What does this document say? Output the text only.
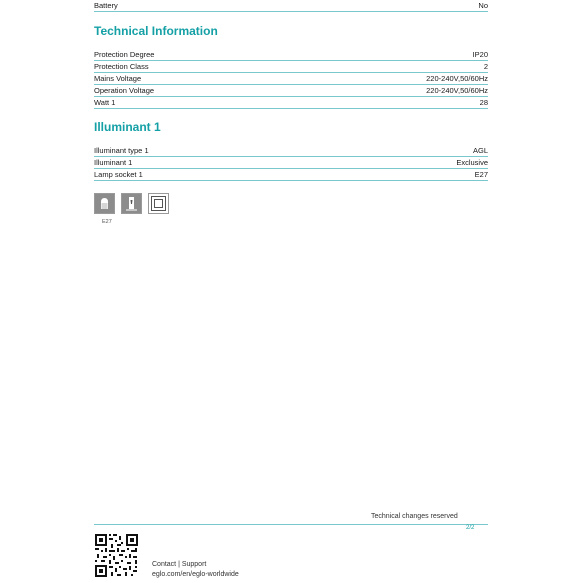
Battery	No
Technical Information
Protection Degree	IP20
Protection Class	2
Mains Voltage	220-240V,50/60Hz
Operation Voltage	220-240V,50/60Hz
Watt 1	28
Illuminant 1
Illuminant type 1	AGL
Illuminant 1	Exclusive
Lamp socket 1	E27
E27
Technical changes reserved
2/2
Contact | Support
eglo.com/en/eglo-worldwide
